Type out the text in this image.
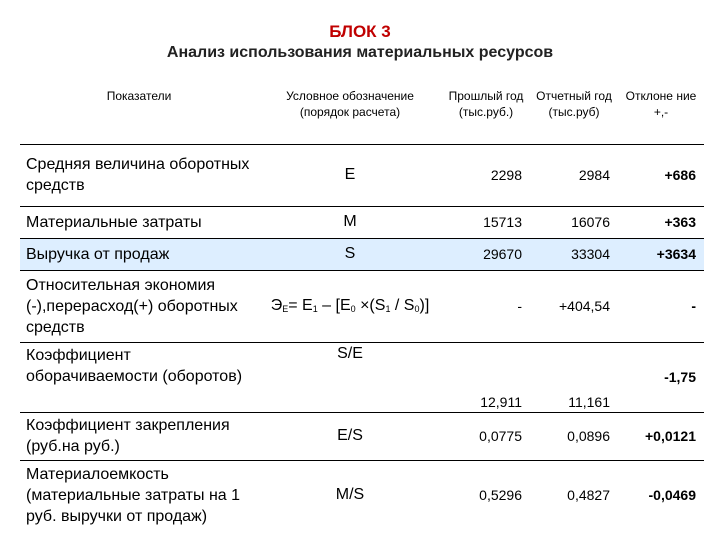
БЛОК 3
Анализ использования материальных ресурсов
Показатели	Условное обозначение (порядок расчета)	Прошлый год (тыс.руб.)	Отчетный год (тыс.руб)	Отклоне ние +,-
Средняя величина оборотных средств	Е	2298	2984	+686
Материальные затраты	М	15713	16076	+363
Выручка от продаж	S	29670	33304	+3634
Относительная экономия (-),перерасход(+) оборотных средств	$Э_Е= E_1 - [E_0 \times(S_1 / S_0)]$	-	+404,54	-
Коэффициент оборачиваемости (оборотов)	S/E	12,911	11,161	-1,75
Коэффициент закрепления (руб.на руб.)	E/S	0,0775	0,0896	+0,0121
Материалоемкость (материальные затраты на 1 руб. выручки от продаж)	M/S	0,5296	0,4827	-0,0469
